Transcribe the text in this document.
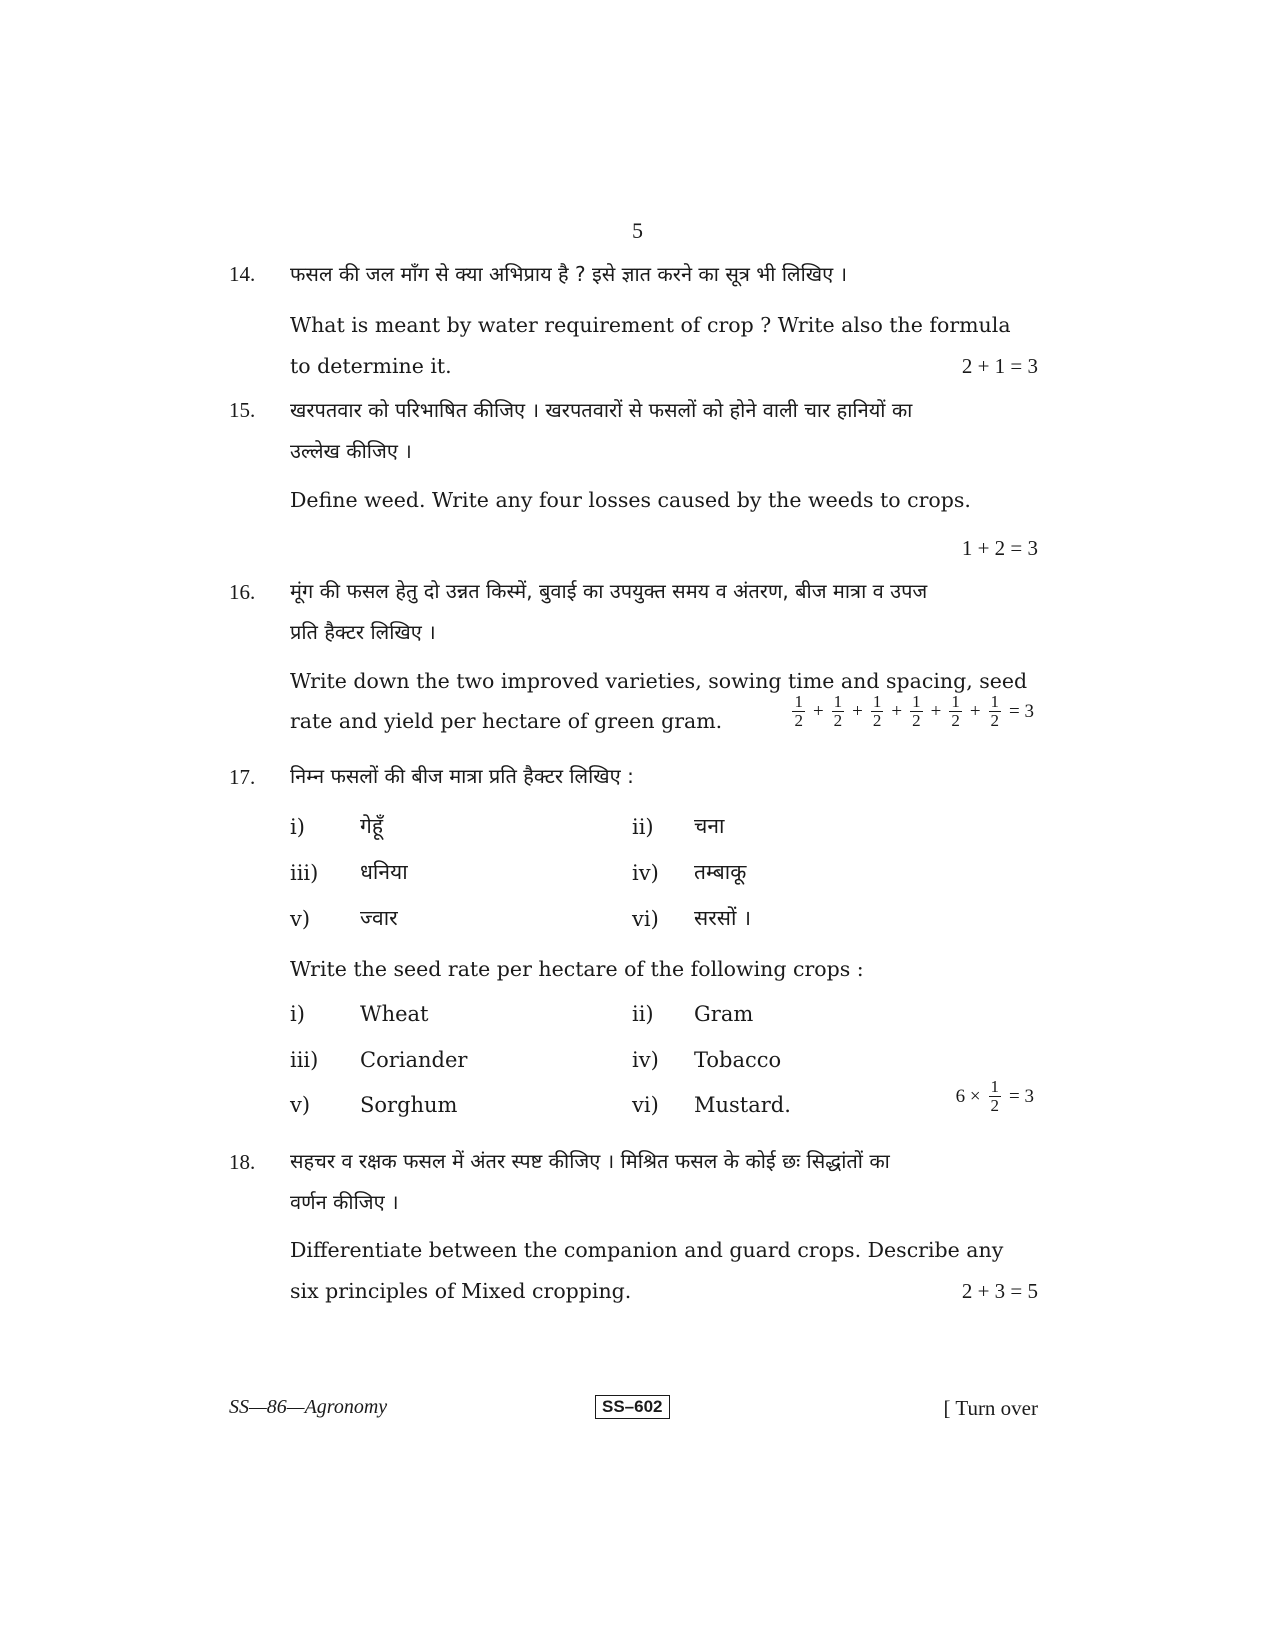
5
14. फसल की जल माँग से क्या अभिप्राय है ? इसे ज्ञात करने का सूत्र भी लिखिए ।
What is meant by water requirement of crop ? Write also the formula
to determine it.	2 + 1 = 3
15. खरपतवार को परिभाषित कीजिए । खरपतवारों से फसलों को होने वाली चार हानियों का
उल्लेख कीजिए ।
Define weed. Write any four losses caused by the weeds to crops.
1 + 2 = 3
16. मूंग की फसल हेतु दो उन्नत किस्में, बुवाई का उपयुक्त समय व अंतरण, बीज मात्रा व उपज
प्रति हैक्टर लिखिए ।
Write down the two improved varieties, sowing time and spacing, seed
rate and yield per hectare of green gram.	$\frac{1}{2} + \frac{1}{2} + \frac{1}{2} + \frac{1}{2} + \frac{1}{2} + \frac{1}{2} = 3$
17. निम्न फसलों की बीज मात्रा प्रति हैक्टर लिखिए :
i)	गेहूँ	ii) चना
iii) धनिया	iv) तम्बाकू
v) ज्वार	vi) सरसों ।
Write the seed rate per hectare of the following crops :
i)	Wheat	ii) Gram
iii) Coriander	iv) Tobacco
v) Sorghum	vi) Mustard.	$6 \times \frac{1}{2} = 3$
18. सहचर व रक्षक फसल में अंतर स्पष्ट कीजिए । मिश्रित फसल के कोई छः सिद्धांतों का
वर्णन कीजिए ।
Differentiate between the companion and guard crops. Describe any
six principles of Mixed cropping.	2 + 3 = 5
SS—86—Agronomy	SS–602	[ Turn over
